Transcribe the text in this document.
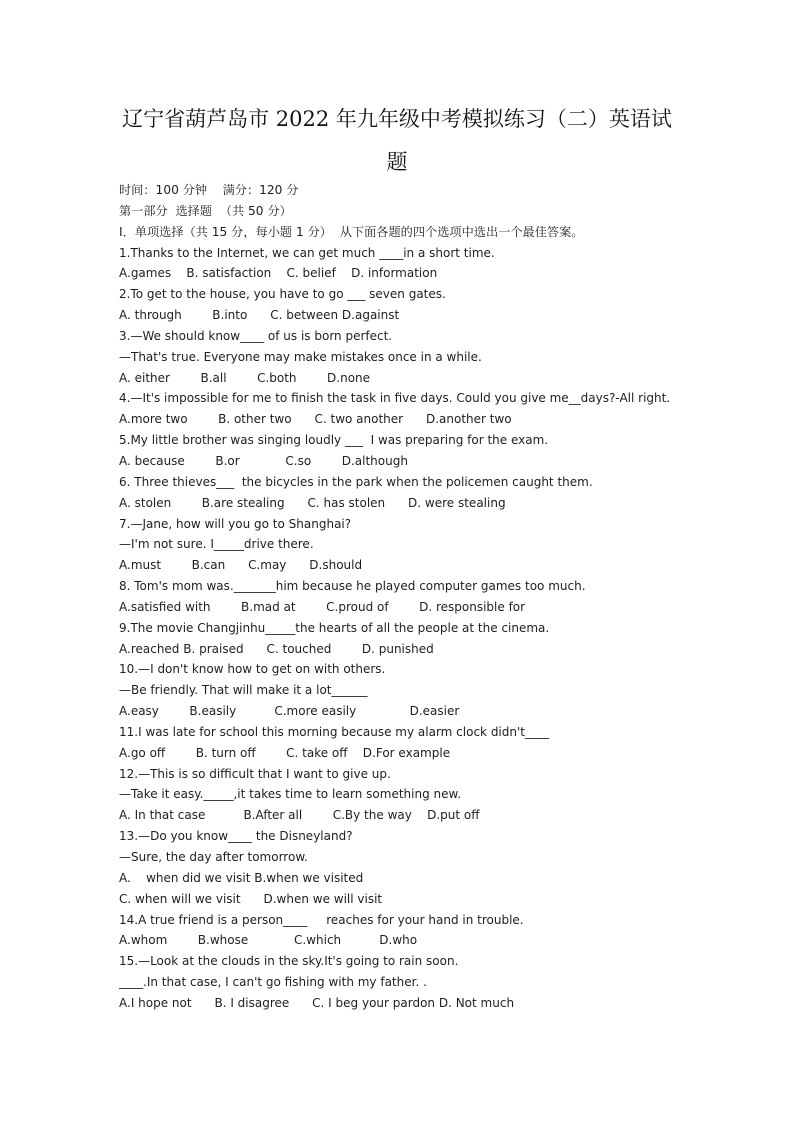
辽宁省葫芦岛市 2022 年九年级中考模拟练习（二）英语试
题
时间：100 分钟    满分：120 分
第一部分  选择题  （共 50 分）
I．单项选择（共 15 分，每小题 1 分）  从下面各题的四个选项中选出一个最佳答案。
1.Thanks to the Internet, we can get much ____in a short time.
A.games    B. satisfaction    C. belief    D. information
2.To get to the house, you have to go ___ seven gates.
A. through        B.into      C. between D.against
3.—We should know____ of us is born perfect.
—That's true. Everyone may make mistakes once in a while.
A. either        B.all        C.both        D.none
4.—It's impossible for me to finish the task in five days. Could you give me__days?-All right.
A.more two        B. other two      C. two another      D.another two
5.My little brother was singing loudly ___  I was preparing for the exam.
A. because        B.or            C.so        D.although
6. Three thieves___  the bicycles in the park when the policemen caught them.
A. stolen        B.are stealing      C. has stolen      D. were stealing
7.—Jane, how will you go to Shanghai?
—I'm not sure. I_____drive there.
A.must        B.can      C.may      D.should
8. Tom's mom was._______him because he played computer games too much.
A.satisfied with        B.mad at        C.proud of        D. responsible for
9.The movie Changjinhu_____the hearts of all the people at the cinema.
A.reached B. praised      C. touched        D. punished
10.—I don't know how to get on with others.
—Be friendly. That will make it a lot______
A.easy        B.easily          C.more easily              D.easier
11.I was late for school this morning because my alarm clock didn't____
A.go off        B. turn off        C. take off    D.For example
12.—This is so difficult that I want to give up.
—Take it easy._____,it takes time to learn something new.
A. In that case          B.After all        C.By the way    D.put off
13.—Do you know____ the Disneyland?
—Sure, the day after tomorrow.
A.    when did we visit B.when we visited
C. when will we visit      D.when we will visit
14.A true friend is a person____     reaches for your hand in trouble.
A.whom        B.whose            C.which          D.who
15.—Look at the clouds in the sky.It's going to rain soon.
____.In that case, I can't go fishing with my father. .
A.I hope not      B. I disagree      C. I beg your pardon D. Not much
